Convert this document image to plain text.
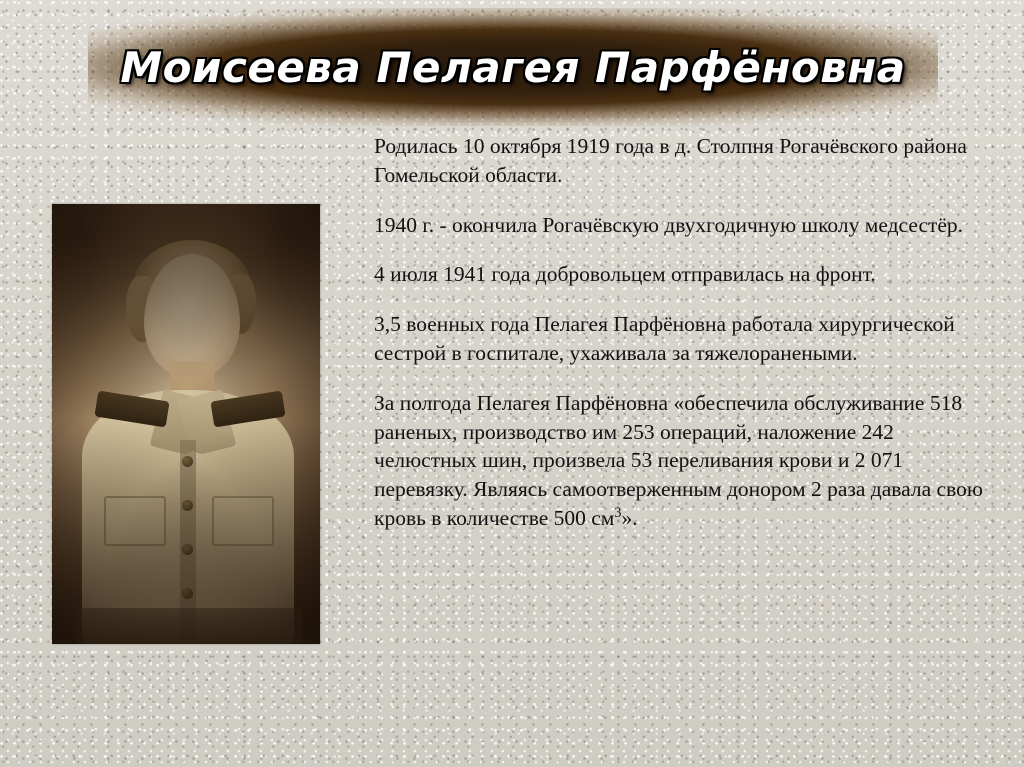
Моисеева Пелагея Парфёновна

Родилась 10 октября 1919 года в д. Столпня Рогачёвского района Гомельской области.

1940 г. - окончила Рогачёвскую двухгодичную школу медсестёр.

4 июля 1941 года добровольцем отправилась на фронт.

3,5 военных года Пелагея Парфёновна работала хирургической сестрой в госпитале, ухаживала за тяжелоранеными.

За полгода Пелагея Парфёновна «обеспечила обслуживание 518 раненых, производство им 253 операций, наложение 242 челюстных шин, произвела 53 переливания крови и 2 071 перевязку. Являясь самоотверженным донором 2 раза давала свою кровь в количестве 500 $см^3$».
